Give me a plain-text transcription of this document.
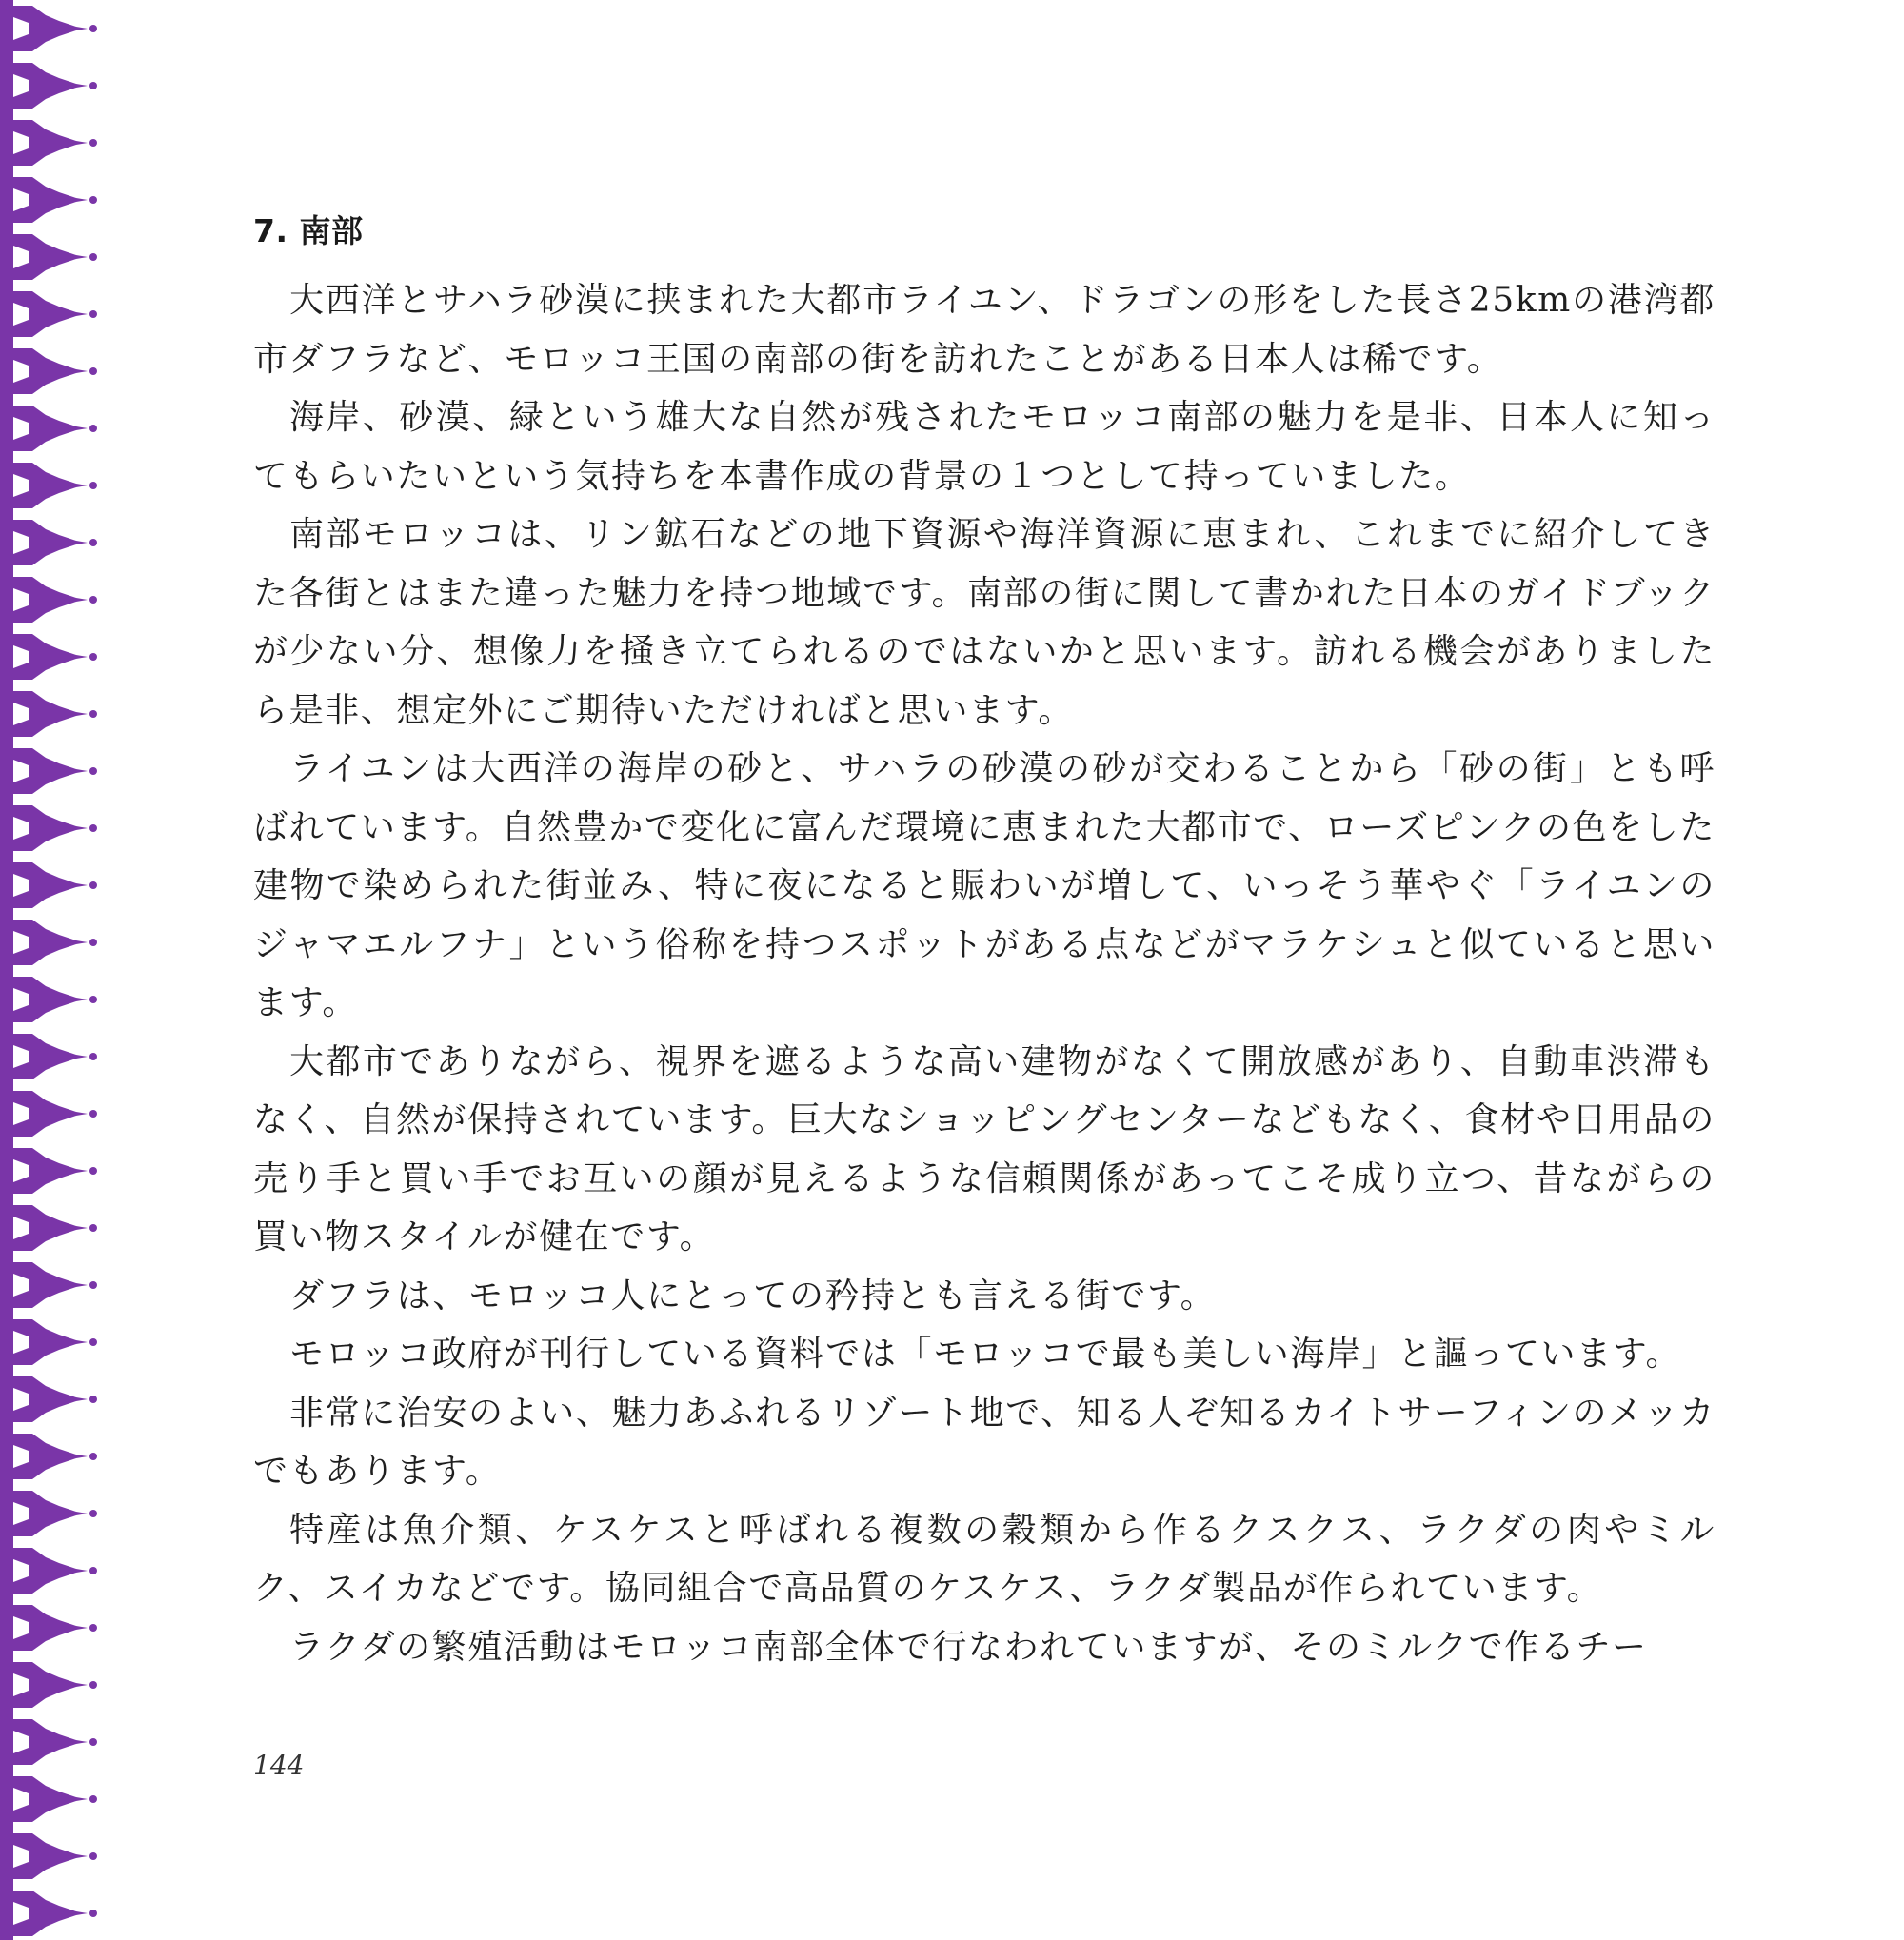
7. 南部

大西洋とサハラ砂漠に挟まれた大都市ライユン、ドラゴンの形をした長さ25kmの港湾都市ダフラなど、モロッコ王国の南部の街を訪れたことがある日本人は稀です。

海岸、砂漠、緑という雄大な自然が残されたモロッコ南部の魅力を是非、日本人に知ってもらいたいという気持ちを本書作成の背景の１つとして持っていました。

南部モロッコは、リン鉱石などの地下資源や海洋資源に恵まれ、これまでに紹介してきた各街とはまた違った魅力を持つ地域です。南部の街に関して書かれた日本のガイドブックが少ない分、想像力を掻き立てられるのではないかと思います。訪れる機会がありましたら是非、想定外にご期待いただければと思います。

ライユンは大西洋の海岸の砂と、サハラの砂漠の砂が交わることから「砂の街」とも呼ばれています。自然豊かで変化に富んだ環境に恵まれた大都市で、ローズピンクの色をした建物で染められた街並み、特に夜になると賑わいが増して、いっそう華やぐ「ライユンのジャマエルフナ」という俗称を持つスポットがある点などがマラケシュと似ていると思います。

大都市でありながら、視界を遮るような高い建物がなくて開放感があり、自動車渋滞もなく、自然が保持されています。巨大なショッピングセンターなどもなく、食材や日用品の売り手と買い手でお互いの顔が見えるような信頼関係があってこそ成り立つ、昔ながらの買い物スタイルが健在です。

ダフラは、モロッコ人にとっての矜持とも言える街です。

モロッコ政府が刊行している資料では「モロッコで最も美しい海岸」と謳っています。

非常に治安のよい、魅力あふれるリゾート地で、知る人ぞ知るカイトサーフィンのメッカでもあります。

特産は魚介類、ケスケスと呼ばれる複数の穀類から作るクスクス、ラクダの肉やミルク、スイカなどです。協同組合で高品質のケスケス、ラクダ製品が作られています。

ラクダの繁殖活動はモロッコ南部全体で行なわれていますが、そのミルクで作るチー

144
